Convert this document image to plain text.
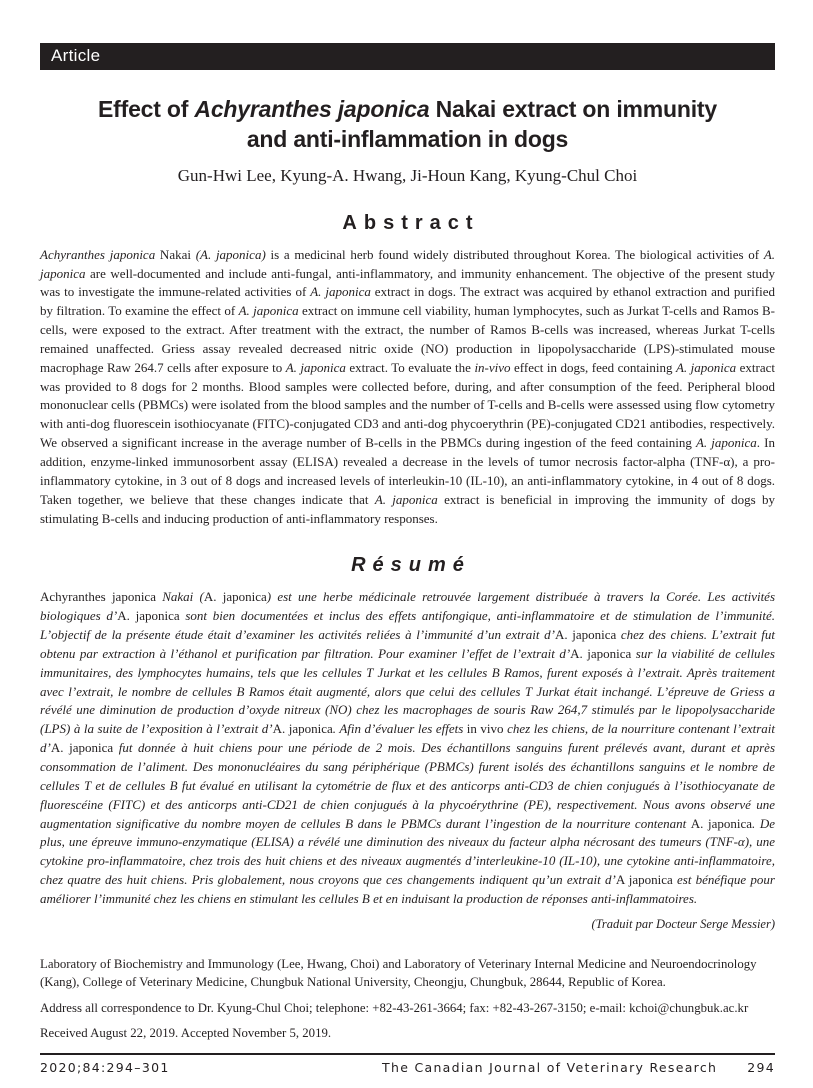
Article
Effect of Achyranthes japonica Nakai extract on immunity
and anti-inflammation in dogs
Gun-Hwi Lee, Kyung-A. Hwang, Ji-Houn Kang, Kyung-Chul Choi
Abstract

Achyranthes japonica Nakai (A. japonica) is a medicinal herb found widely distributed throughout Korea. The biological activities of A. japonica are well-documented and include anti-fungal, anti-inflammatory, and immunity enhancement. The objective of the present study was to investigate the immune-related activities of A. japonica extract in dogs. The extract was acquired by ethanol extraction and purified by filtration. To examine the effect of A. japonica extract on immune cell viability, human lymphocytes, such as Jurkat T-cells and Ramos B-cells, were exposed to the extract. After treatment with the extract, the number of Ramos B-cells was increased, whereas Jurkat T-cells remained unaffected. Griess assay revealed decreased nitric oxide (NO) production in lipopolysaccharide (LPS)-stimulated mouse macrophage Raw 264.7 cells after exposure to A. japonica extract. To evaluate the in-vivo effect in dogs, feed containing A. japonica extract was provided to 8 dogs for 2 months. Blood samples were collected before, during, and after consumption of the feed. Peripheral blood mononuclear cells (PBMCs) were isolated from the blood samples and the number of T-cells and B-cells were assessed using flow cytometry with anti-dog fluorescein isothiocyanate (FITC)-conjugated CD3 and anti-dog phycoerythrin (PE)-conjugated CD21 antibodies, respectively. We observed a significant increase in the average number of B-cells in the PBMCs during ingestion of the feed containing A. japonica. In addition, enzyme-linked immunosorbent assay (ELISA) revealed a decrease in the levels of tumor necrosis factor-alpha (TNF-α), a pro-inflammatory cytokine, in 3 out of 8 dogs and increased levels of interleukin-10 (IL-10), an anti-inflammatory cytokine, in 4 out of 8 dogs. Taken together, we believe that these changes indicate that A. japonica extract is beneficial in improving the immunity of dogs by stimulating B-cells and inducing production of anti-inflammatory responses.

Résumé

Achyranthes japonica Nakai (A. japonica) est une herbe médicinale retrouvée largement distribuée à travers la Corée. Les activités biologiques d’A. japonica sont bien documentées et inclus des effets antifongique, anti-inflammatoire et de stimulation de l’immunité. L’objectif de la présente étude était d’examiner les activités reliées à l’immunité d’un extrait d’A. japonica chez des chiens. L’extrait fut obtenu par extraction à l’éthanol et purification par filtration. Pour examiner l’effet de l’extrait d’A. japonica sur la viabilité de cellules immunitaires, des lymphocytes humains, tels que les cellules T Jurkat et les cellules B Ramos, furent exposés à l’extrait. Après traitement avec l’extrait, le nombre de cellules B Ramos était augmenté, alors que celui des cellules T Jurkat était inchangé. L’épreuve de Griess a révélé une diminution de production d’oxyde nitreux (NO) chez les macrophages de souris Raw 264,7 stimulés par le lipopolysaccharide (LPS) à la suite de l’exposition à l’extrait d’A. japonica. Afin d’évaluer les effets in vivo chez les chiens, de la nourriture contenant l’extrait d’A. japonica fut donnée à huit chiens pour une période de 2 mois. Des échantillons sanguins furent prélevés avant, durant et après consommation de l’aliment. Des mononucléaires du sang périphérique (PBMCs) furent isolés des échantillons sanguins et le nombre de cellules T et de cellules B fut évalué en utilisant la cytométrie de flux et des anticorps anti-CD3 de chien conjugués à l’isothiocyanate de fluorescéine (FITC) et des anticorps anti-CD21 de chien conjugués à la phycoérythrine (PE), respectivement. Nous avons observé une augmentation significative du nombre moyen de cellules B dans le PBMCs durant l’ingestion de la nourriture contenant A. japonica. De plus, une épreuve immuno-enzymatique (ELISA) a révélé une diminution des niveaux du facteur alpha nécrosant des tumeurs (TNF-α), une cytokine pro-inflammatoire, chez trois des huit chiens et des niveaux augmentés d’interleukine-10 (IL-10), une cytokine anti-inflammatoire, chez quatre des huit chiens. Pris globalement, nous croyons que ces changements indiquent qu’un extrait d’A japonica est bénéfique pour améliorer l’immunité chez les chiens en stimulant les cellules B et en induisant la production de réponses anti-inflammatoires.

(Traduit par Docteur Serge Messier)

Laboratory of Biochemistry and Immunology (Lee, Hwang, Choi) and Laboratory of Veterinary Internal Medicine and Neuroendocrinology (Kang), College of Veterinary Medicine, Chungbuk National University, Cheongju, Chungbuk, 28644, Republic of Korea.

Address all correspondence to Dr. Kyung-Chul Choi; telephone: +82-43-261-3664; fax: +82-43-267-3150; e-mail: kchoi@chungbuk.ac.kr

Received August 22, 2019. Accepted November 5, 2019.

2020;84:294–301	The Canadian Journal of Veterinary Research 294
